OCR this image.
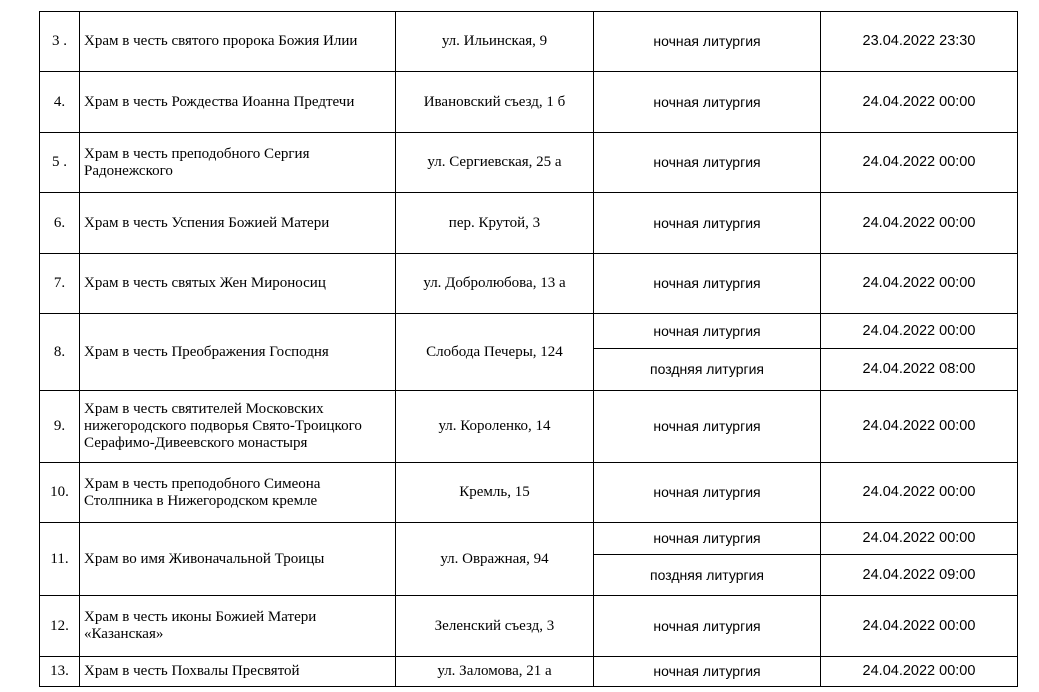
3 .	Храм в честь святого пророка Божия Илии	ул. Ильинская, 9	ночная литургия	23.04.2022 23:30
4.	Храм в честь Рождества Иоанна Предтечи	Ивановский съезд, 1 б	ночная литургия	24.04.2022 00:00
5 .	Храм в честь преподобного Сергия Радонежского	ул. Сергиевская, 25 а	ночная литургия	24.04.2022 00:00
6.	Храм в честь Успения Божией Матери	пер. Крутой, 3	ночная литургия	24.04.2022 00:00
7.	Храм в честь святых Жен Мироносиц	ул. Добролюбова, 13 а	ночная литургия	24.04.2022 00:00
8.	Храм в честь Преображения Господня	Слобода Печеры, 124	ночная литургия	24.04.2022 00:00
			поздняя литургия	24.04.2022 08:00
9.	Храм в честь святителей Московских нижегородского подворья Свято-Троицкого Серафимо-Дивеевского монастыря	ул. Короленко, 14	ночная литургия	24.04.2022 00:00
10.	Храм в честь преподобного Симеона Столпника в Нижегородском кремле	Кремль, 15	ночная литургия	24.04.2022 00:00
11.	Храм во имя Живоначальной Троицы	ул. Овражная, 94	ночная литургия	24.04.2022 00:00
			поздняя литургия	24.04.2022 09:00
12.	Храм в честь иконы Божией Матери «Казанская»	Зеленский съезд, 3	ночная литургия	24.04.2022 00:00
13.	Храм в честь Похвалы Пресвятой	ул. Заломова, 21 а	ночная литургия	24.04.2022 00:00
